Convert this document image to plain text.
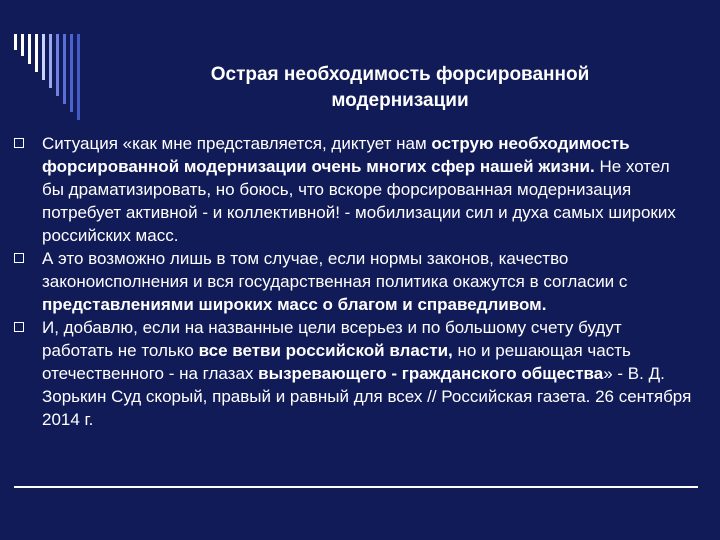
Острая необходимость форсированной модернизации
Ситуация «как мне представляется, диктует нам острую необходимость форсированной модернизации очень многих сфер нашей жизни. Не хотел бы драматизировать, но боюсь, что вскоре форсированная модернизация потребует активной - и коллективной! - мобилизации сил и духа самых широких российских масс.
А это возможно лишь в том случае, если нормы законов, качество законоисполнения и вся государственная политика окажутся в согласии с представлениями широких масс о благом и справедливом.
И, добавлю, если на названные цели всерьез и по большому счету будут работать не только все ветви российской власти, но и решающая часть отечественного - на глазах вызревающего - гражданского общества» - В. Д. Зорькин Суд скорый, правый и равный для всех // Российская газета. 26 сентября 2014 г.
